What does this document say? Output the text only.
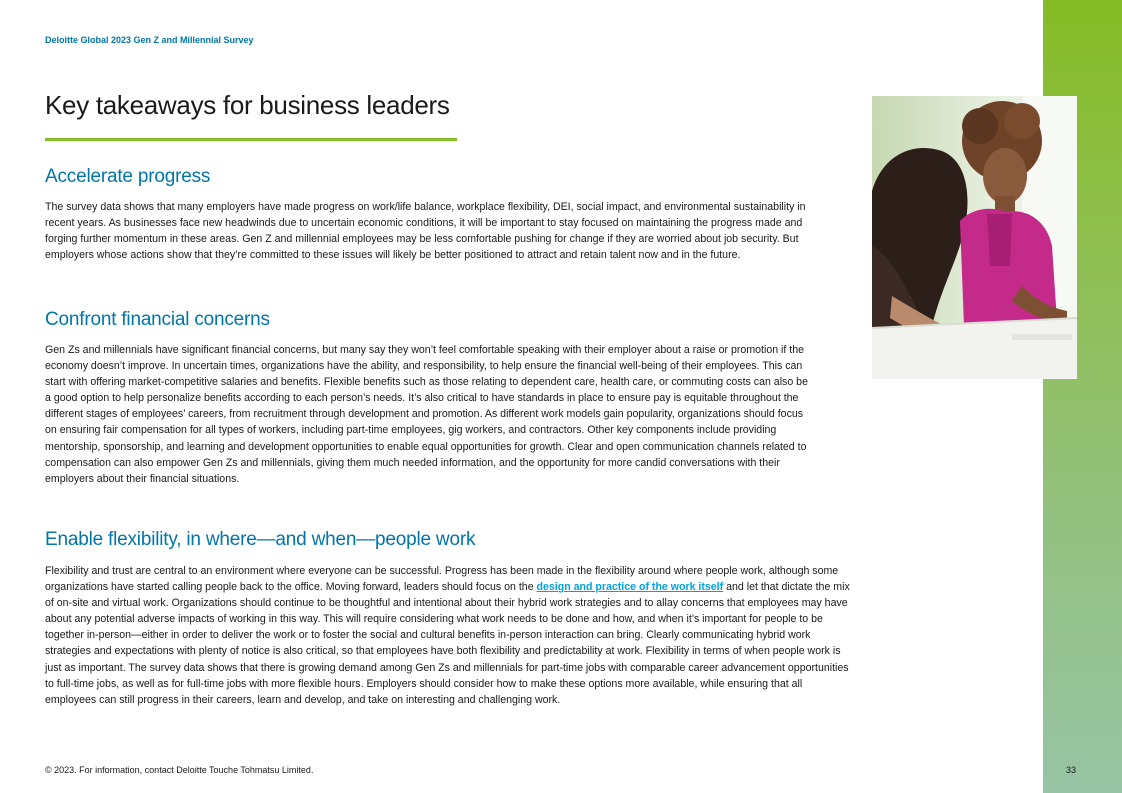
Deloitte Global 2023 Gen Z and Millennial Survey
Key takeaways for business leaders
Accelerate progress

The survey data shows that many employers have made progress on work/life balance, workplace flexibility, DEI, social impact, and environmental sustainability in recent years. As businesses face new headwinds due to uncertain economic conditions, it will be important to stay focused on maintaining the progress made and forging further momentum in these areas. Gen Z and millennial employees may be less comfortable pushing for change if they are worried about job security. But employers whose actions show that they’re committed to these issues will likely be better positioned to attract and retain talent now and in the future.

Confront financial concerns

Gen Zs and millennials have significant financial concerns, but many say they won’t feel comfortable speaking with their employer about a raise or promotion if the economy doesn’t improve. In uncertain times, organizations have the ability, and responsibility, to help ensure the financial well-being of their employees. This can start with offering market-competitive salaries and benefits. Flexible benefits such as those relating to dependent care, health care, or commuting costs can also be a good option to help personalize benefits according to each person’s needs. It’s also critical to have standards in place to ensure pay is equitable throughout the different stages of employees’ careers, from recruitment through development and promotion. As different work models gain popularity, organizations should focus on ensuring fair compensation for all types of workers, including part-time employees, gig workers, and contractors. Other key components include providing mentorship, sponsorship, and learning and development opportunities to enable equal opportunities for growth. Clear and open communication channels related to compensation can also empower Gen Zs and millennials, giving them much needed information, and the opportunity for more candid conversations with their employers about their financial situations.

Enable flexibility, in where—and when—people work

Flexibility and trust are central to an environment where everyone can be successful. Progress has been made in the flexibility around where people work, although some organizations have started calling people back to the office. Moving forward, leaders should focus on the design and practice of the work itself and let that dictate the mix of on-site and virtual work. Organizations should continue to be thoughtful and intentional about their hybrid work strategies and to allay concerns that employees may have about any potential adverse impacts of working in this way. This will require considering what work needs to be done and how, and when it’s important for people to be together in-person—either in order to deliver the work or to foster the social and cultural benefits in-person interaction can bring. Clearly communicating hybrid work strategies and expectations with plenty of notice is also critical, so that employees have both flexibility and predictability at work. Flexibility in terms of when people work is just as important. The survey data shows that there is growing demand among Gen Zs and millennials for part-time jobs with comparable career advancement opportunities to full-time jobs, as well as for full-time jobs with more flexible hours. Employers should consider how to make these options more available, while ensuring that all employees can still progress in their careers, learn and develop, and take on interesting and challenging work.

© 2023. For information, contact Deloitte Touche Tohmatsu Limited.	33
